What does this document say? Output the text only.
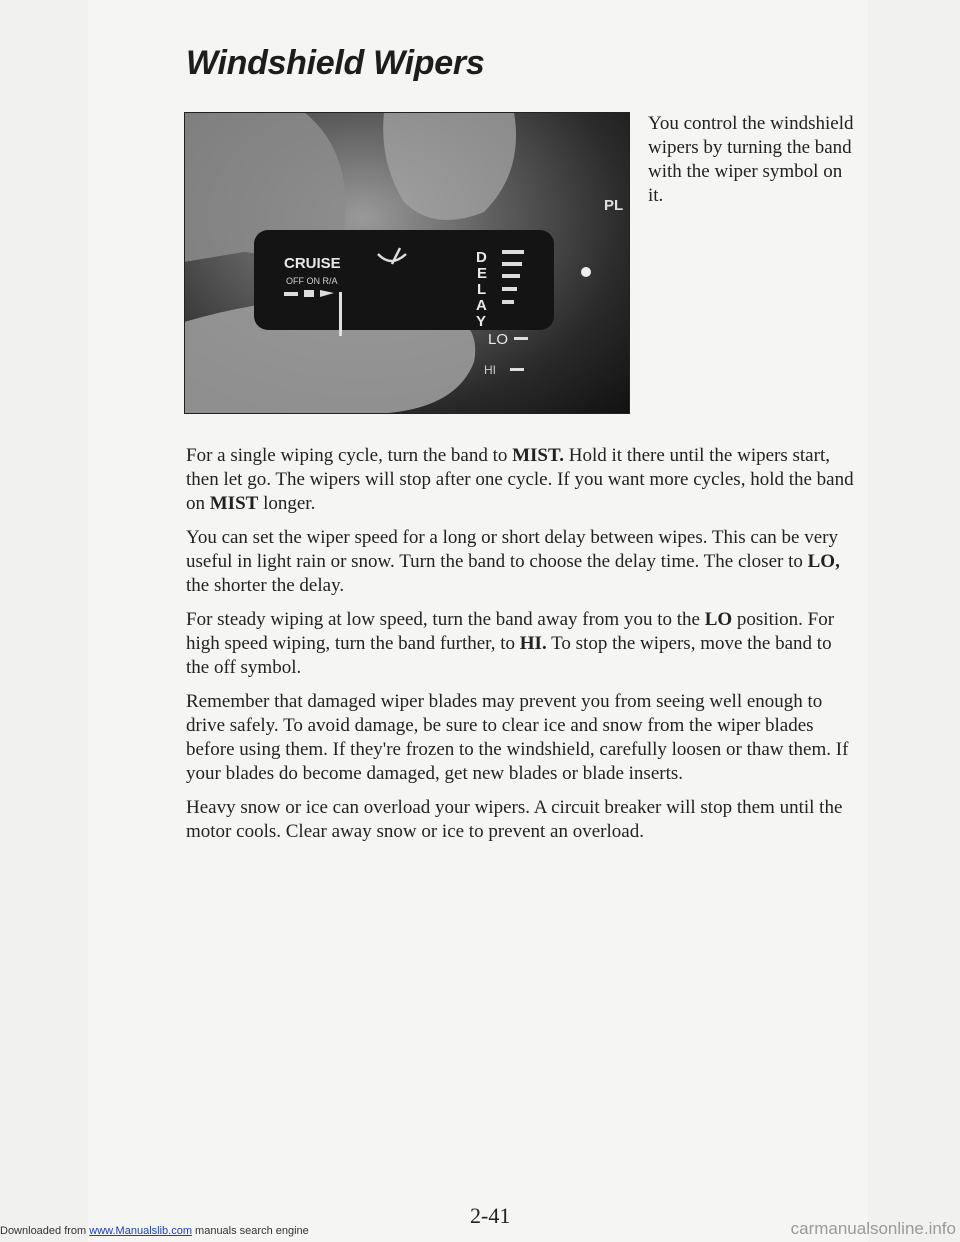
Windshield Wipers
CRUISE
OFF ON R/A
D
E
L
A
Y
LO
HI
PL

You control the windshield wipers by turning the band with the wiper symbol on it.

For a single wiping cycle, turn the band to MIST. Hold it there until the wipers start, then let go. The wipers will stop after one cycle. If you want more cycles, hold the band on MIST longer.

You can set the wiper speed for a long or short delay between wipes. This can be very useful in light rain or snow. Turn the band to choose the delay time. The closer to LO, the shorter the delay.

For steady wiping at low speed, turn the band away from you to the LO position. For high speed wiping, turn the band further, to HI. To stop the wipers, move the band to the off symbol.

Remember that damaged wiper blades may prevent you from seeing well enough to drive safely. To avoid damage, be sure to clear ice and snow from the wiper blades before using them. If they're frozen to the windshield, carefully loosen or thaw them. If your blades do become damaged, get new blades or blade inserts.

Heavy snow or ice can overload your wipers. A circuit breaker will stop them until the motor cools. Clear away snow or ice to prevent an overload.

2-41

Downloaded from www.Manualslib.com manuals search engine	carmanualsonline.info
